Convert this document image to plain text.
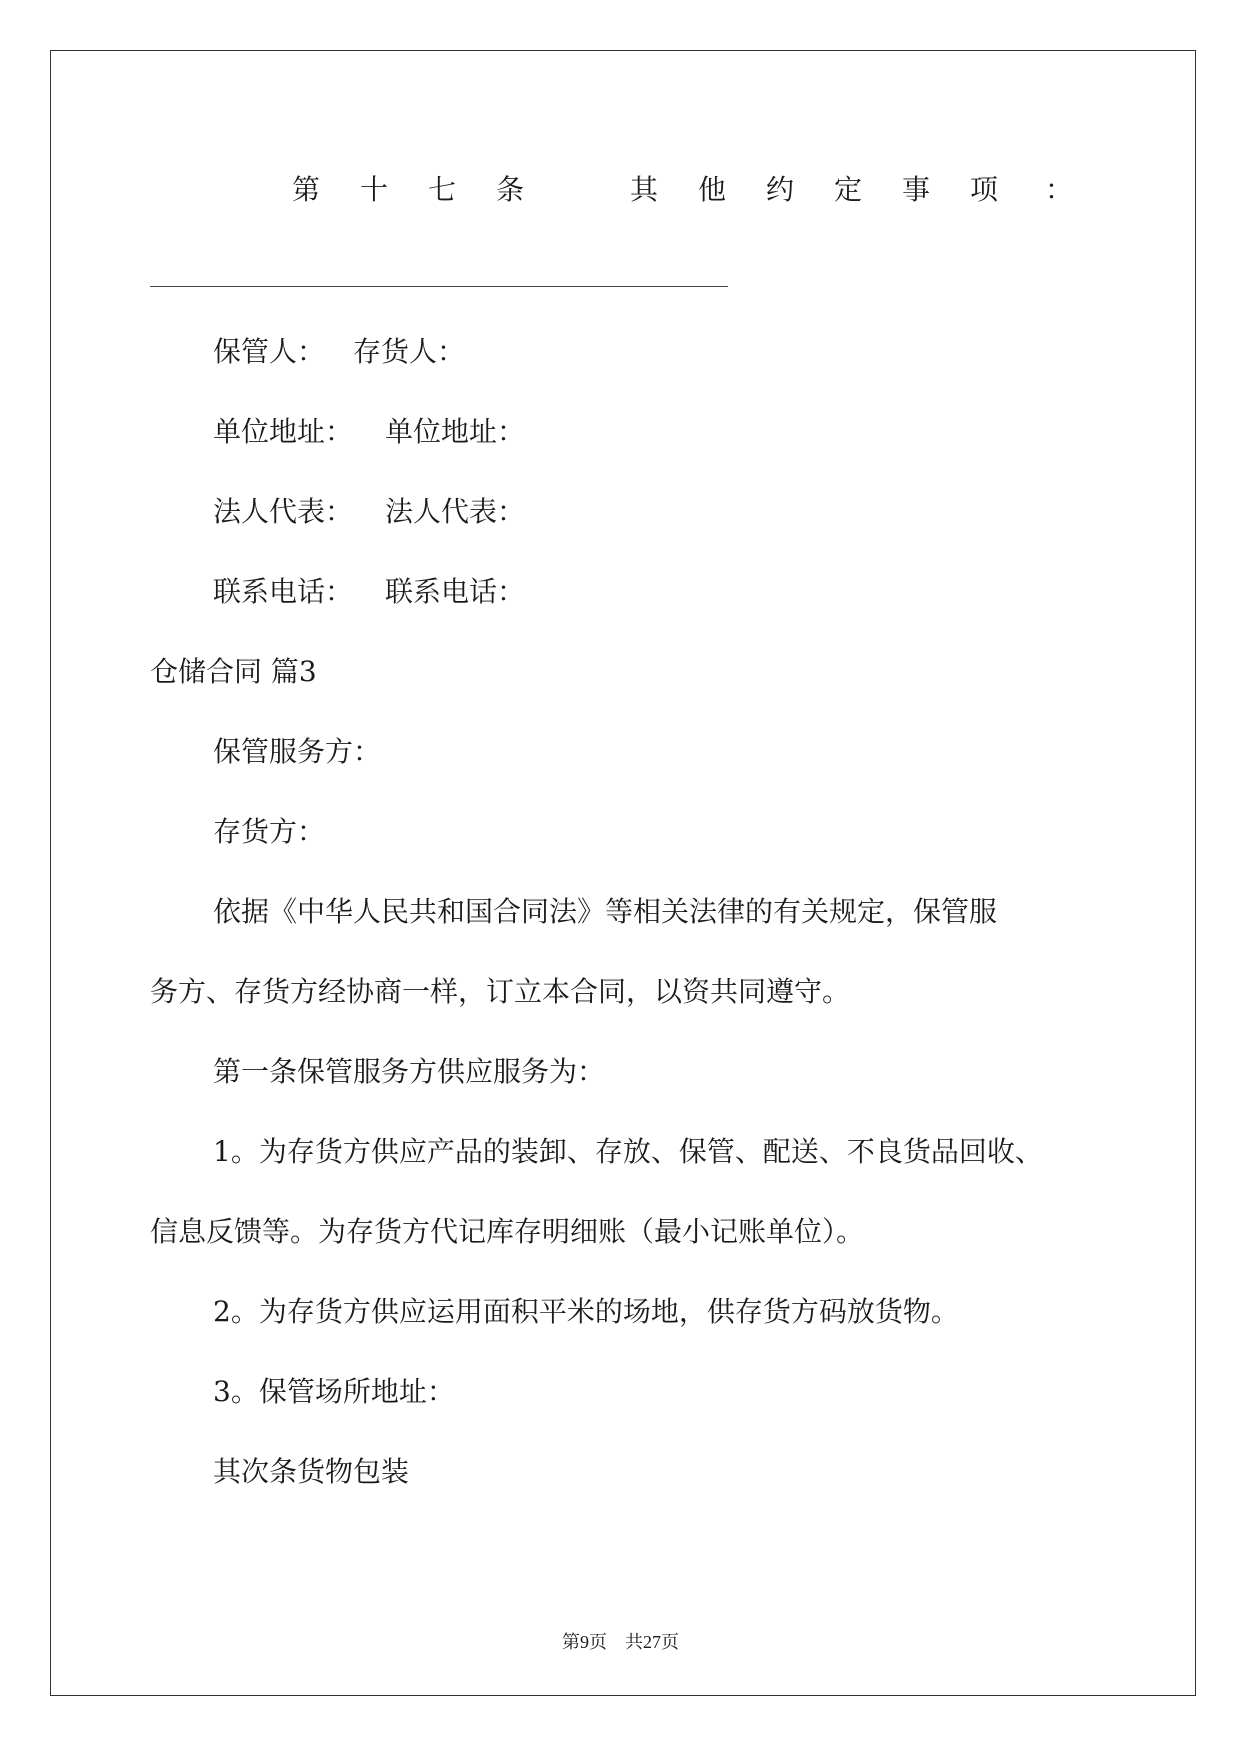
第十七条 其他约定事项 ：
保管人： 存货人：
单位地址： 单位地址：
法人代表： 法人代表：
联系电话： 联系电话：
仓储合同 篇3
保管服务方：
存货方：
依据《中华人民共和国合同法》等相关法律的有关规定，保管服
务方、存货方经协商一样，订立本合同，以资共同遵守。
第一条保管服务方供应服务为：
1。为存货方供应产品的装卸、存放、保管、配送、不良货品回收、
信息反馈等。为存货方代记库存明细账（最小记账单位）。
2。为存货方供应运用面积平米的场地，供存货方码放货物。
3。保管场所地址：
其次条货物包装
第9页　共27页
